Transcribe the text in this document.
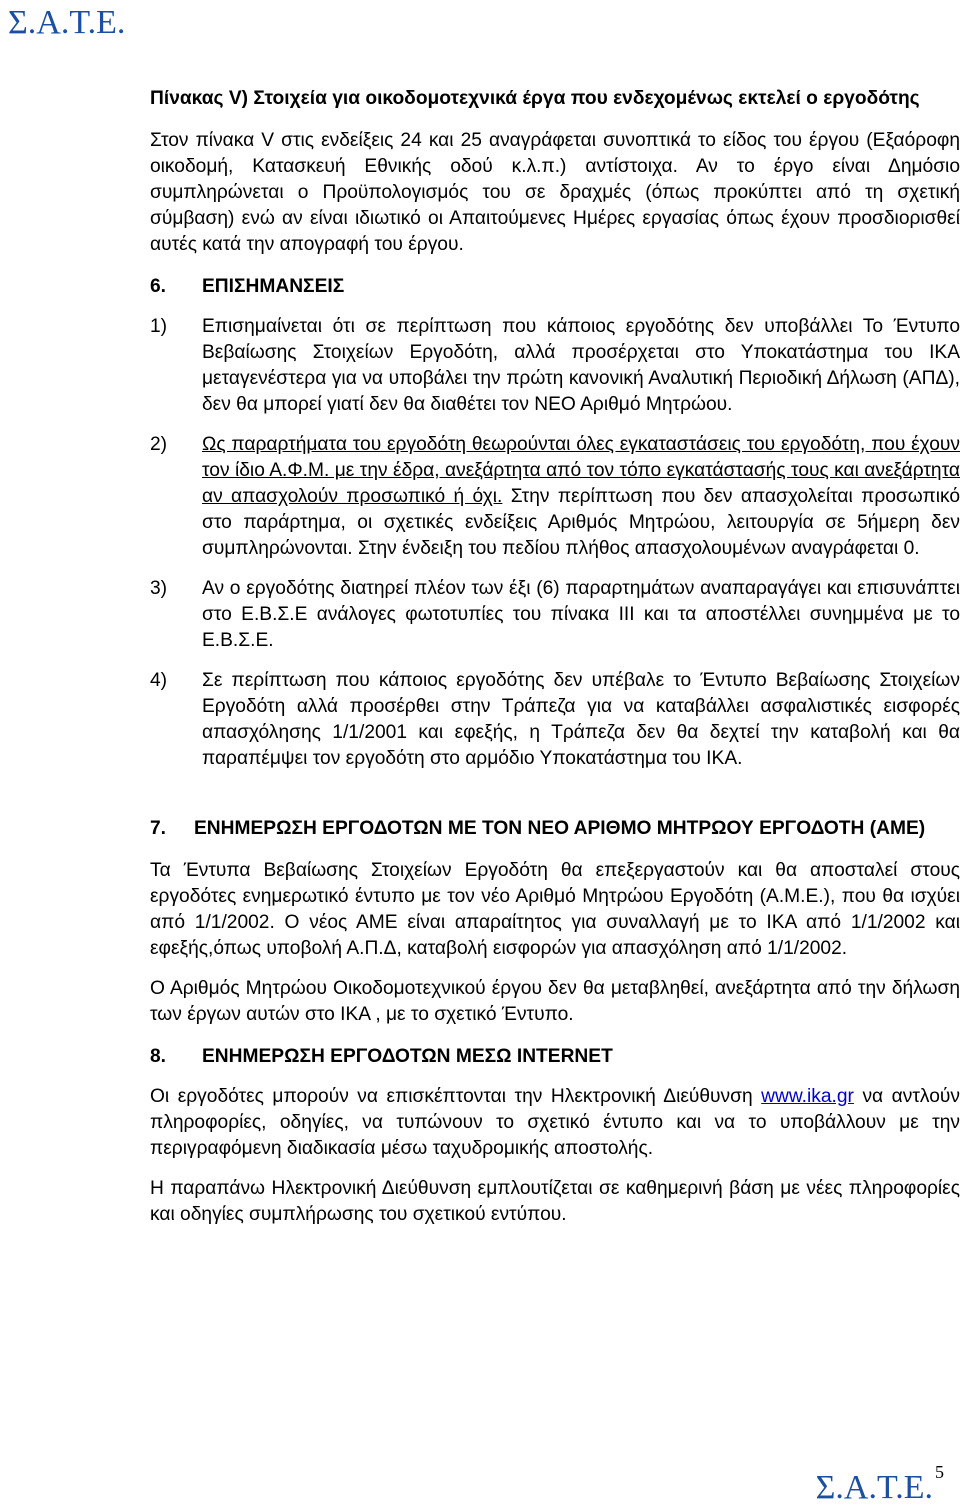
Σ.Α.Τ.Ε.

Πίνακας V) Στοιχεία για οικοδομοτεχνικά έργα που ενδεχομένως εκτελεί ο εργοδότης

Στον πίνακα V στις ενδείξεις 24 και 25 αναγράφεται συνοπτικά το είδος του έργου (Εξαόροφη οικοδομή, Κατασκευή Εθνικής οδού κ.λ.π.) αντίστοιχα. Αν το έργο είναι Δημόσιο συμπληρώνεται ο Προϋπολογισμός του σε δραχμές (όπως προκύπτει από τη σχετική σύμβαση) ενώ αν είναι ιδιωτικό οι Απαιτούμενες Ημέρες εργασίας όπως έχουν προσδιορισθεί αυτές κατά την απογραφή του έργου.

6.	ΕΠΙΣΗΜΑΝΣΕΙΣ
1)	Επισημαίνεται ότι σε περίπτωση που κάποιος εργοδότης δεν υποβάλλει Το Έντυπο Βεβαίωσης Στοιχείων Εργοδότη, αλλά προσέρχεται στο Υποκατάστημα του ΙΚΑ μεταγενέστερα για να υποβάλει την πρώτη κανονική Αναλυτική Περιοδική Δήλωση (ΑΠΔ), δεν θα μπορεί γιατί δεν θα διαθέτει τον ΝΕΟ Αριθμό Μητρώου.
2)	Ως παραρτήματα του εργοδότη θεωρούνται όλες εγκαταστάσεις του εργοδότη, που έχουν τον ίδιο Α.Φ.Μ. με την έδρα, ανεξάρτητα από τον τόπο εγκατάστασής τους και ανεξάρτητα αν απασχολούν προσωπικό ή όχι. Στην περίπτωση που δεν απασχολείται προσωπικό στο παράρτημα, οι σχετικές ενδείξεις Αριθμός Μητρώου, λειτουργία σε 5ήμερη δεν συμπληρώνονται. Στην ένδειξη του πεδίου πλήθος απασχολουμένων αναγράφεται 0.
3)	Αν ο εργοδότης διατηρεί πλέον των έξι (6) παραρτημάτων αναπαραγάγει και επισυνάπτει στο Ε.Β.Σ.Ε ανάλογες φωτοτυπίες του πίνακα ΙΙΙ και τα αποστέλλει συνημμένα με το Ε.Β.Σ.Ε.
4)	Σε περίπτωση που κάποιος εργοδότης δεν υπέβαλε το Έντυπο Βεβαίωσης Στοιχείων Εργοδότη αλλά προσέρθει στην Τράπεζα για να καταβάλλει ασφαλιστικές εισφορές απασχόλησης 1/1/2001 και εφεξής, η Τράπεζα δεν θα δεχτεί την καταβολή και θα παραπέμψει τον εργοδότη στο αρμόδιο Υποκατάστημα του ΙΚΑ.
7. ΕΝΗΜΕΡΩΣΗ ΕΡΓΟΔΟΤΩΝ ΜΕ ΤΟΝ ΝΕΟ ΑΡΙΘΜΟ ΜΗΤΡΩΟΥ ΕΡΓΟΔΟΤΗ (ΑΜΕ)

Τα Έντυπα Βεβαίωσης Στοιχείων Εργοδότη θα επεξεργαστούν και θα αποσταλεί στους εργοδότες ενημερωτικό έντυπο με τον νέο Αριθμό Μητρώου Εργοδότη (Α.Μ.Ε.), που θα ισχύει από 1/1/2002. Ο νέος ΑΜΕ είναι απαραίτητος για συναλλαγή με το ΙΚΑ από 1/1/2002 και εφεξής,όπως υποβολή Α.Π.Δ, καταβολή εισφορών για απασχόληση από 1/1/2002.

Ο Αριθμός Μητρώου Οικοδομοτεχνικού έργου δεν θα μεταβληθεί, ανεξάρτητα από την δήλωση των έργων αυτών στο ΙΚΑ , με το σχετικό Έντυπο.

8.	ΕΝΗΜΕΡΩΣΗ ΕΡΓΟΔΟΤΩΝ ΜΕΣΩ INTERNET

Οι εργοδότες μπορούν να επισκέπτονται την Ηλεκτρονική Διεύθυνση www.ika.gr να αντλούν πληροφορίες, οδηγίες, να τυπώνουν το σχετικό έντυπο και να το υποβάλλουν με την περιγραφόμενη διαδικασία μέσω ταχυδρομικής αποστολής.

Η παραπάνω Ηλεκτρονική Διεύθυνση εμπλουτίζεται σε καθημερινή βάση με νέες πληροφορίες και οδηγίες συμπλήρωσης του σχετικού εντύπου.

Σ.Α.Τ.Ε. 5
